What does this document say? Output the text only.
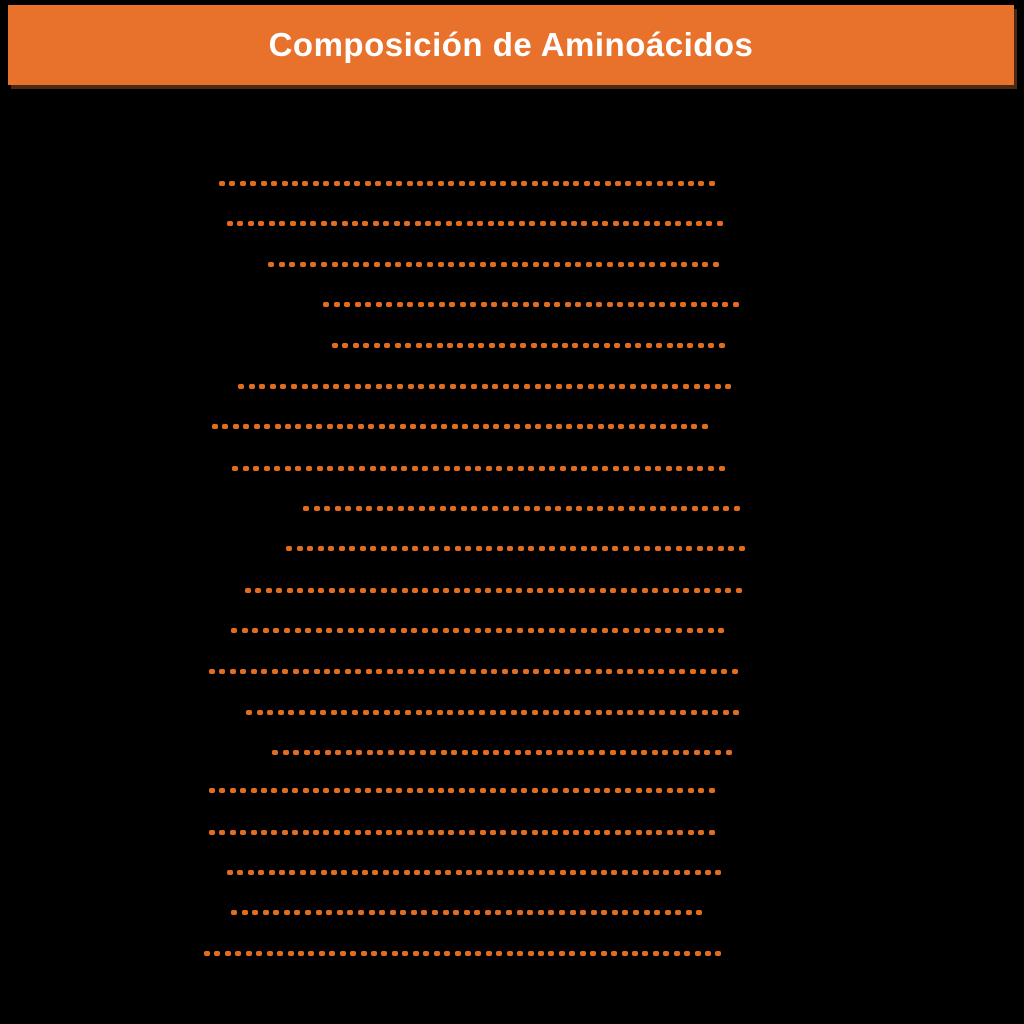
Composición de Aminoácidos
